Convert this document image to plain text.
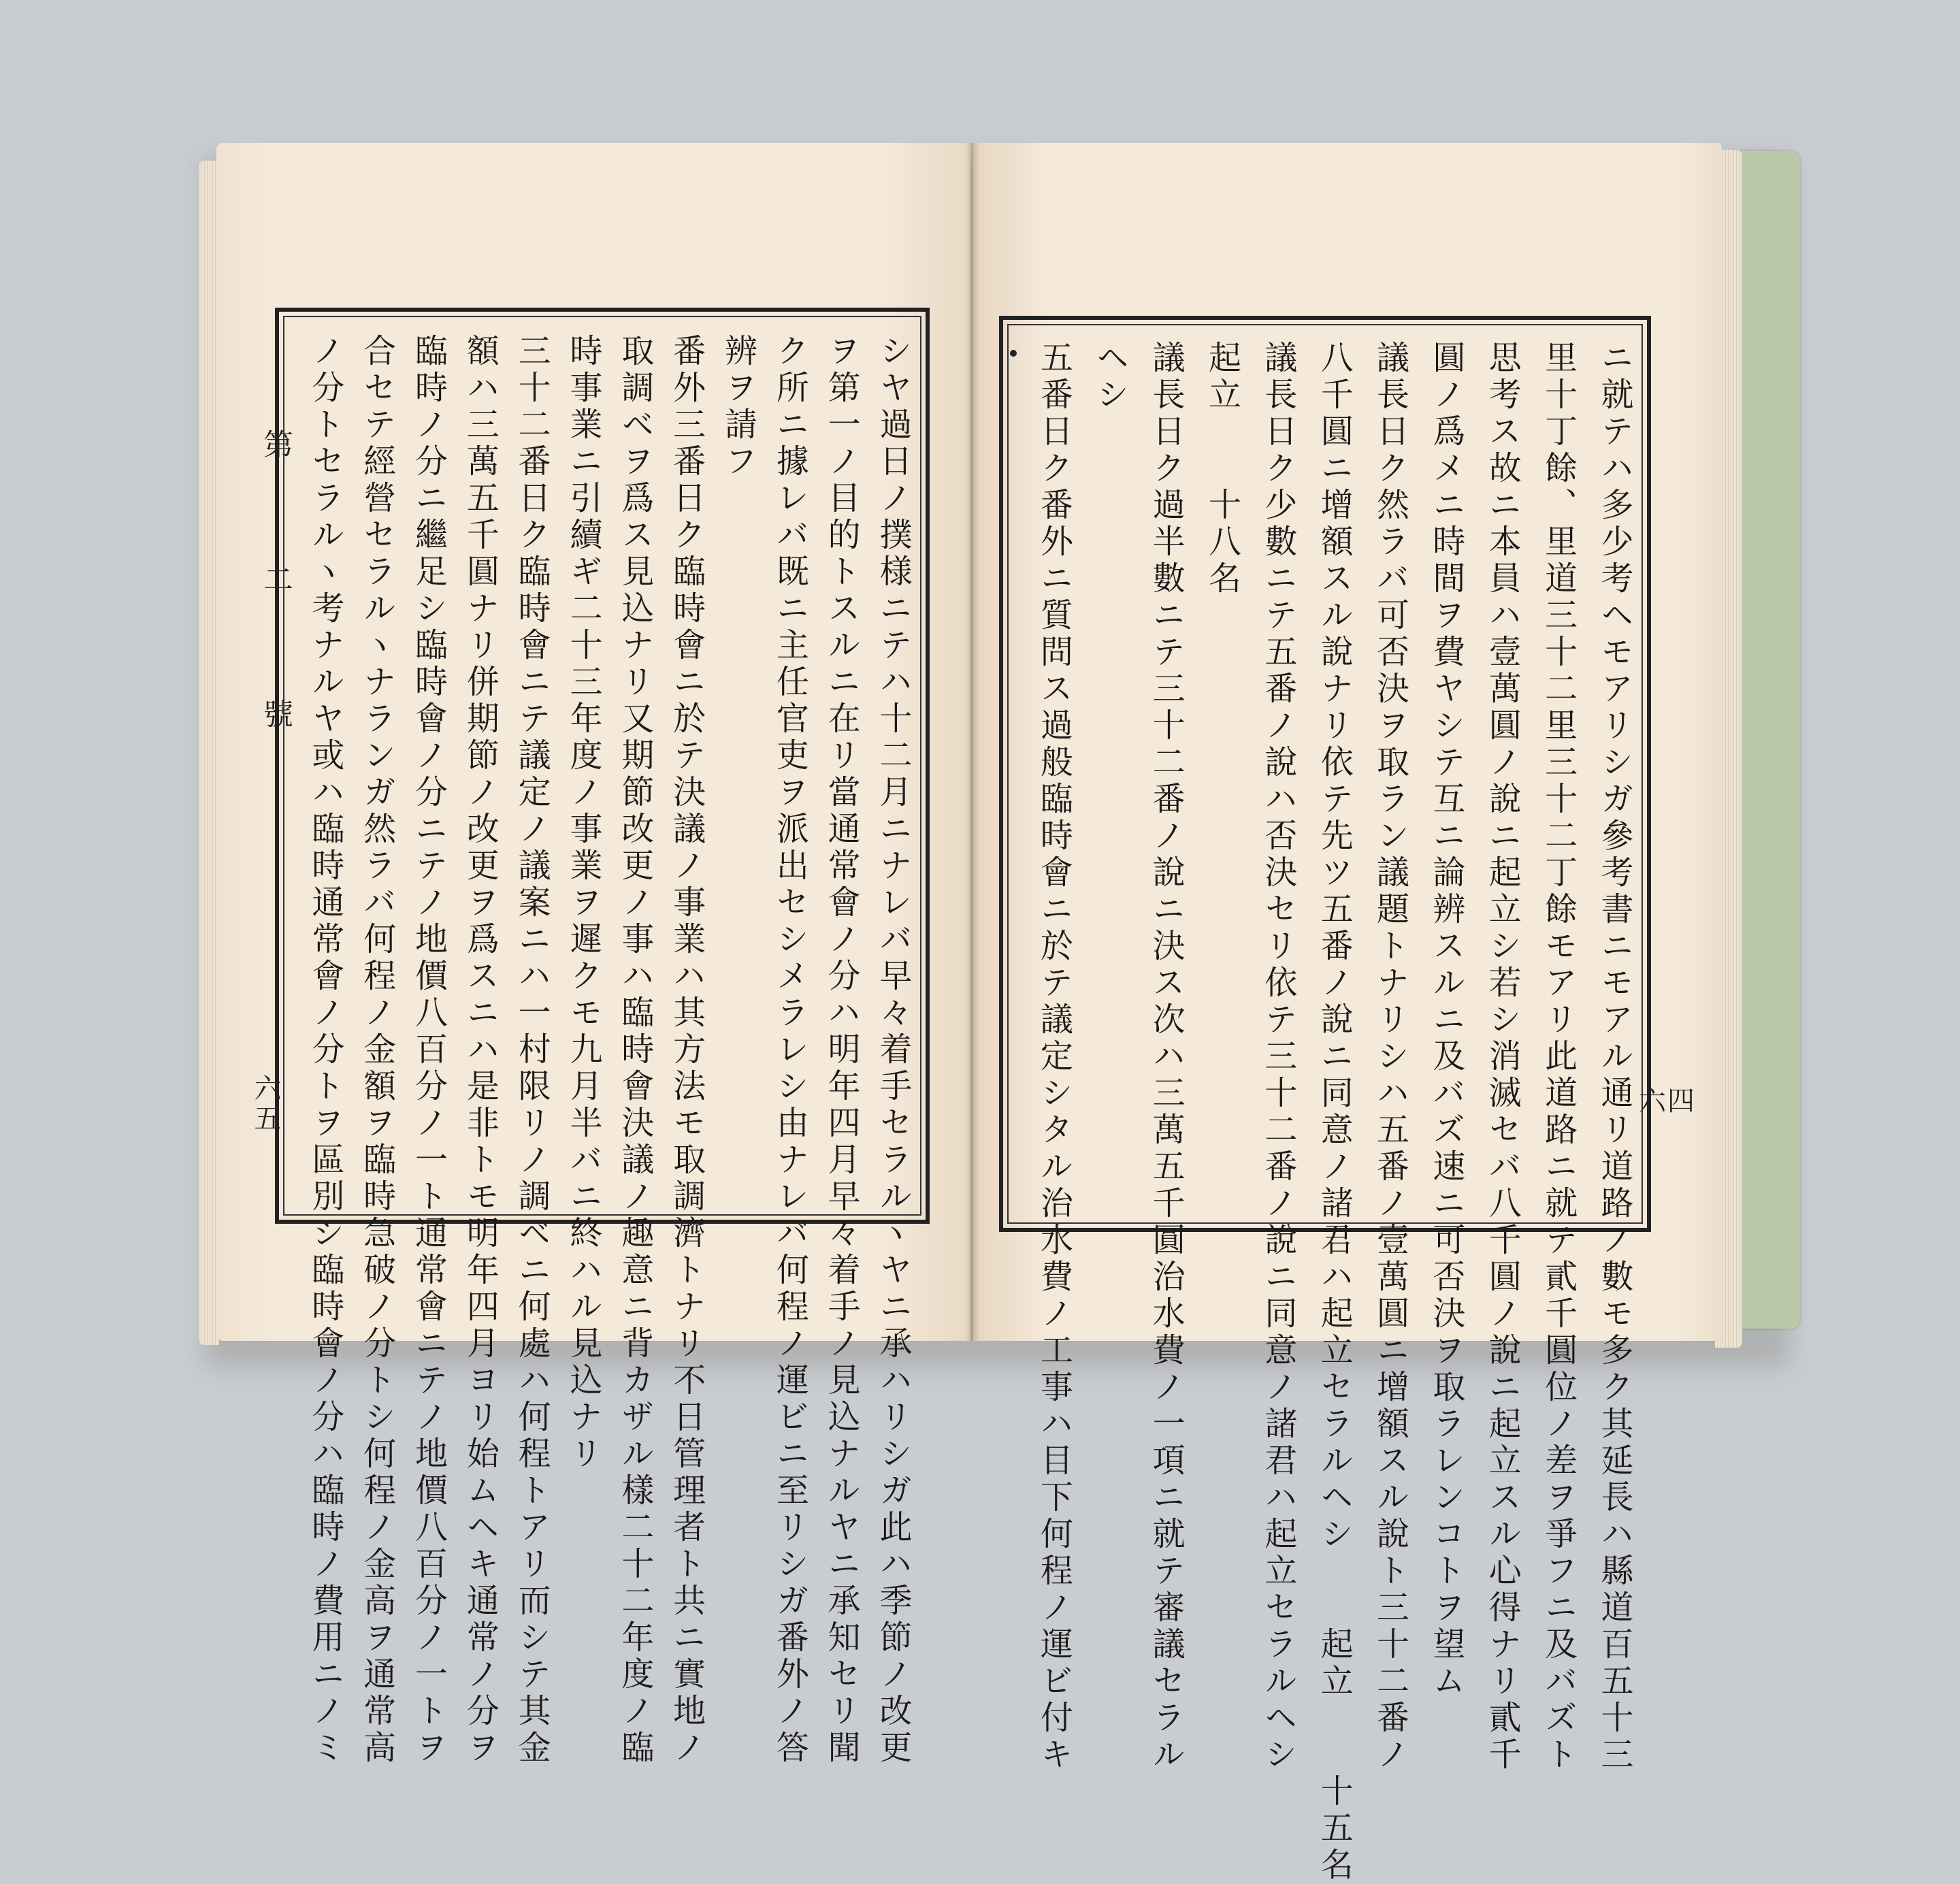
第 二 號
六五	シヤ過日ノ撲様ニテハ十二月ニナレバ早々着手セラルヽヤニ承ハリシガ此ハ季節ノ改更
ヲ第一ノ目的トスルニ在リ當通常會ノ分ハ明年四月早々着手ノ見込ナルヤニ承知セリ聞
ク所ニ據レバ既ニ主任官吏ヲ派出セシメラレシ由ナレバ何程ノ運ビニ至リシガ番外ノ答
辨ヲ請フ
番外三番日ク臨時會ニ於テ決議ノ事業ハ其方法モ取調濟トナリ不日管理者ト共ニ實地ノ
取調ベヲ爲ス見込ナリ又期節改更ノ事ハ臨時會決議ノ趣意ニ背カザル樣二十二年度ノ臨
時事業ニ引續ギ二十三年度ノ事業ヲ遲クモ九月半バニ終ハル見込ナリ
三十二番日ク臨時會ニテ議定ノ議案ニハ一村限リノ調ベニ何處ハ何程トアリ而シテ其金
額ハ三萬五千圓ナリ併期節ノ改更ヲ爲スニハ是非トモ明年四月ヨリ始ムヘキ通常ノ分ヲ
臨時ノ分ニ繼足シ臨時會ノ分ニテノ地價八百分ノ一ト通常會ニテノ地價八百分ノ一トヲ
合セテ經營セラルヽナランガ然ラバ何程ノ金額ヲ臨時急破ノ分トシ何程ノ金高ヲ通常高
ノ分トセラルヽ考ナルヤ或ハ臨時通常會ノ分トヲ區別シ臨時會ノ分ハ臨時ノ費用ニノミ	六四
ニ就テハ多少考ヘモアリシガ參考書ニモアル通リ道路ノ數モ多ク其延長ハ縣道百五十三
里十丁餘、里道三十二里三十二丁餘モアリ此道路ニ就テ貳千圓位ノ差ヲ爭フニ及バズト
思考ス故ニ本員ハ壹萬圓ノ說ニ起立シ若シ消滅セバ八千圓ノ說ニ起立スル心得ナリ貳千
圓ノ爲メニ時間ヲ費ヤシテ互ニ論辨スルニ及バズ速ニ可否決ヲ取ラレンコトヲ望ム
議長日ク然ラバ可否決ヲ取ラン議題トナリシハ五番ノ壹萬圓ニ增額スル說ト三十二番ノ
八千圓ニ增額スル說ナリ依テ先ツ五番ノ說ニ同意ノ諸君ハ起立セラルヘシ　　起立　　十五名
議長日ク少數ニテ五番ノ說ハ否決セリ依テ三十二番ノ說ニ同意ノ諸君ハ起立セラルヘシ
起立　　十八名
議長日ク過半數ニテ三十二番ノ說ニ決ス次ハ三萬五千圓治水費ノ一項ニ就テ審議セラル
ヘシ
五番日ク番外ニ質問ス過般臨時會ニ於テ議定シタル治水費ノ工事ハ目下何程ノ運ビ付キ
